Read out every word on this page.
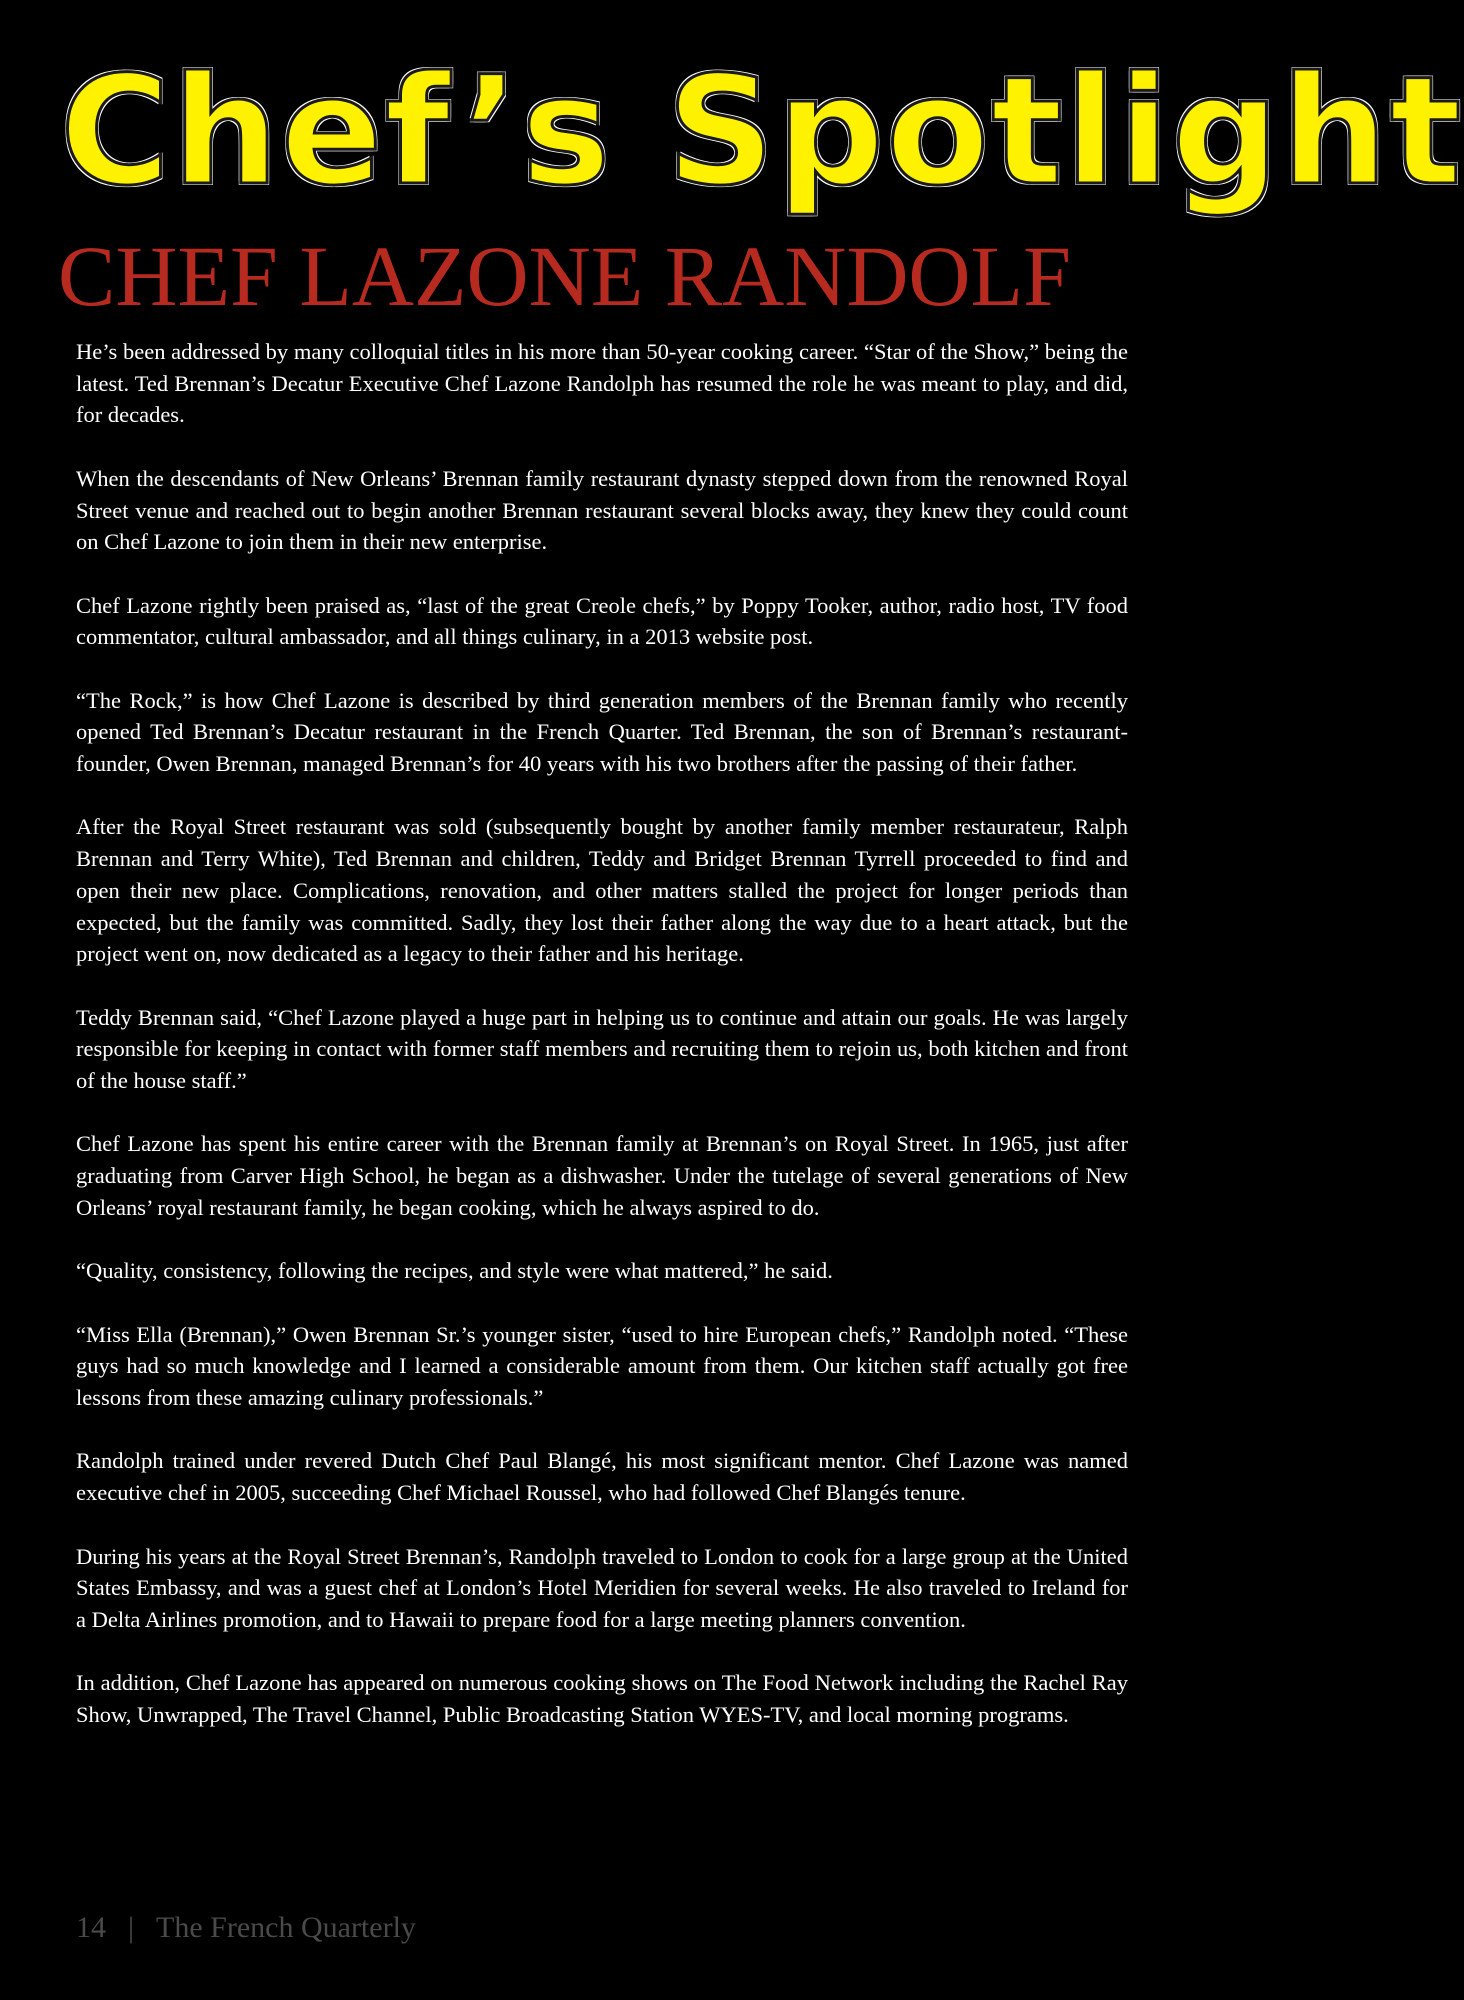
Chef’s Spotlight
CHEF LAZONE RANDOLF

He’s been addressed by many colloquial titles in his more than 50-year cooking career. “Star of the Show,” being the latest. Ted Brennan’s Decatur Executive Chef Lazone Randolph has resumed the role he was meant to play, and did, for decades.

When the descendants of New Orleans’ Brennan family restaurant dynasty stepped down from the renowned Royal Street venue and reached out to begin another Brennan restaurant several blocks away, they knew they could count on Chef Lazone to join them in their new enterprise.

Chef Lazone rightly been praised as, “last of the great Creole chefs,” by Poppy Tooker, author, radio host, TV food commentator, cultural ambassador, and all things culinary, in a 2013 website post.

“The Rock,” is how Chef Lazone is described by third generation members of the Brennan family who recently opened Ted Brennan’s Decatur restaurant in the French Quarter. Ted Brennan, the son of Brennan’s restaurant- founder, Owen Brennan, managed Brennan’s for 40 years with his two brothers after the passing of their father.

After the Royal Street restaurant was sold (subsequently bought by another family member restaurateur, Ralph Brennan and Terry White), Ted Brennan and children, Teddy and Bridget Brennan Tyrrell proceeded to find and open their new place. Complications, renovation, and other matters stalled the project for longer periods than expected, but the family was committed. Sadly, they lost their father along the way due to a heart attack, but the project went on, now dedicated as a legacy to their father and his heritage.

Teddy Brennan said, “Chef Lazone played a huge part in helping us to continue and attain our goals. He was largely responsible for keeping in contact with former staff members and recruiting them to rejoin us, both kitchen and front of the house staff.”

Chef Lazone has spent his entire career with the Brennan family at Brennan’s on Royal Street. In 1965, just after graduating from Carver High School, he began as a dishwasher. Under the tutelage of several generations of New Orleans’ royal restaurant family, he began cooking, which he always aspired to do.

“Quality, consistency, following the recipes, and style were what mattered,” he said.

“Miss Ella (Brennan),” Owen Brennan Sr.’s younger sister, “used to hire European chefs,” Randolph noted. “These guys had so much knowledge and I learned a considerable amount from them. Our kitchen staff actually got free lessons from these amazing culinary professionals.”

Randolph trained under revered Dutch Chef Paul Blangé, his most significant mentor. Chef Lazone was named executive chef in 2005, succeeding Chef Michael Roussel, who had followed Chef Blangés tenure.

During his years at the Royal Street Brennan’s, Randolph traveled to London to cook for a large group at the United States Embassy, and was a guest chef at London’s Hotel Meridien for several weeks. He also traveled to Ireland for a Delta Airlines promotion, and to Hawaii to prepare food for a large meeting planners convention.

In addition, Chef Lazone has appeared on numerous cooking shows on The Food Network including the Rachel Ray Show, Unwrapped, The Travel Channel, Public Broadcasting Station WYES-TV, and local morning programs.

14 | The French Quarterly
